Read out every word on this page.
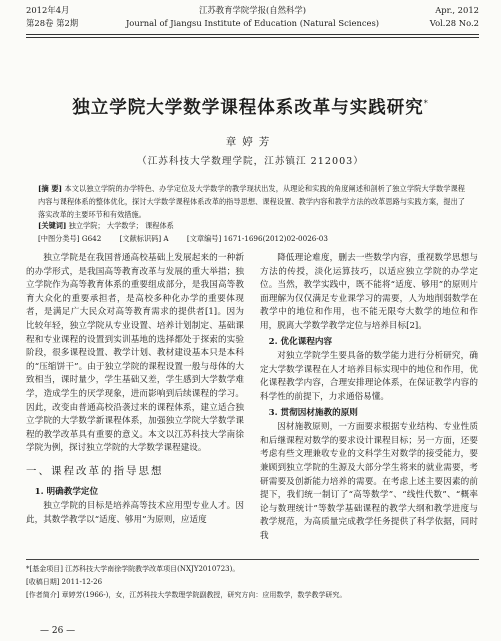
2012年4月
第28卷 第2期
江苏教育学院学报(自然科学)
Journal of Jiangsu Institute of Education (Natural Sciences)
Apr., 2012
Vol.28 No.2
独立学院大学数学课程体系改革与实践研究*
章婷芳
（江苏科技大学数理学院，江苏镇江 212003）
[摘 要] 本文以独立学院的办学特色、办学定位及大学数学的教学现状出发，从理论和实践的角度阐述和剖析了独立学院大学数学课程内容与课程体系的整体优化，探讨大学数学课程体系改革的指导思想、课程设置、教学内容和教学方法的改革思路与实践方案，提出了落实改革的主要环节和有效措施。
[关键词] 独立学院； 大学数学； 课程体系
[中图分类号] G642	[文献标识码] A	[文章编号] 1671-1696(2012)02-0026-03

独立学院是在我国普通高校基础上发展起来的一种新的办学形式，是我国高等教育改革与发展的重大举措；独立学院作为高等教育体系的重要组成部分，是我国高等教育大众化的重要承担者，是高校多种化办学的重要体现者，是满足广大民众对高等教育需求的提供者[1]。因为比较年轻，独立学院从专业设置、培养计划制定、基础课程和专业课程的设置到实训基地的选择都处于探索的实验阶段，很多课程设置、教学计划、教材建设基本只是本科的“压缩饼干”。由于独立学院的课程设置一般与母体的大致相当，课时量少，学生基础又差，学生感到大学数学难学，造成学生的厌学现象，进而影响到后续课程的学习。因此，改变由普通高校沿袭过来的课程体系，建立适合独立学院的大学数学新课程体系，加强独立学院大学数学课程的教学改革具有重要的意义。本文以江苏科技大学南徐学院为例，探讨独立学院的大学数学课程建设。

一、课程改革的指导思想
1. 明确教学定位

独立学院的目标是培养高等技术应用型专业人才。因此，其数学教学以“适度、够用”为原则，应适度

降低理论难度，删去一些数学内容，重视数学思想与方法的传授，淡化运算技巧，以适应独立学院的办学定位。当然，教学实践中，既不能将“适度、够用”的原则片面理解为仅仅满足专业课学习的需要，人为地削弱数学在教学中的地位和作用，也不能无限夸大数学的地位和作用，脱离大学数学教学定位与培养目标[2]。

2. 优化课程内容

对独立学院学生要具备的数学能力进行分析研究，确定大学数学课程在人才培养目标实现中的地位和作用，优化课程教学内容，合理安排理论体系，在保证教学内容的科学性的前提下，力求通俗易懂。

3. 贯彻因材施教的原则

因材施教原则，一方面要求根据专业结构、专业性质和后继课程对数学的要求设计课程目标；另一方面，还要考虑有些文理兼收专业的文科学生对数学的接受能力，要兼顾到独立学院的生源及大部分学生将来的就业需要，考研需要及创新能力培养的需要。在考虑上述主要因素的前提下，我们统一制订了“高等数学”、“线性代数”、“概率论与数理统计”等数学基础课程的教学大纲和教学进度与教学规范，为高质量完成教学任务提供了科学依据，同时我

*[基金项目] 江苏科技大学南徐学院教学改革项目(NXJY2010723)。
[收稿日期] 2011-12-26
[作者简介] 章婷芳(1966-)，女，江苏科技大学数理学院副教授，研究方向：应用数学，数学教学研究。
— 26 —
